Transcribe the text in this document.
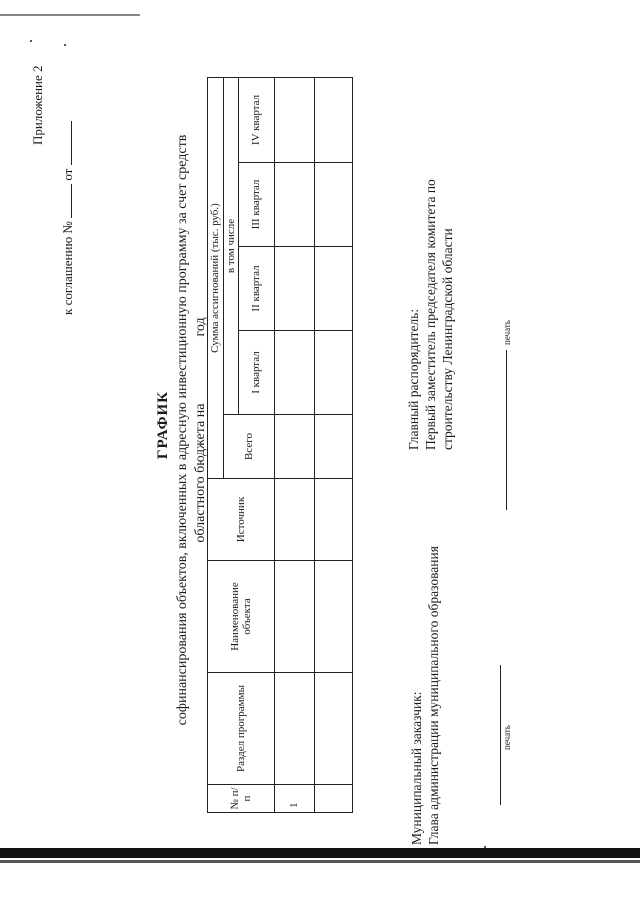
Приложение 2
к соглашению №  от
ГРАФИК софинансирования объектов, включенных в адресную инвестиционную программу за счет средств областного бюджета на  год
№ п/п	Раздел программы	Наименование объекта	Источник	Сумма ассигнований (тыс. руб.)				
				Всего	в том числе			
					I квартал	II квартал	III квартал	IV квартал
1								
									Муниципальный заказчик: Глава администрации муниципального образования	печать
Главный распорядитель: Первый заместитель председателя комитета по строительству Ленинградской области	печать
